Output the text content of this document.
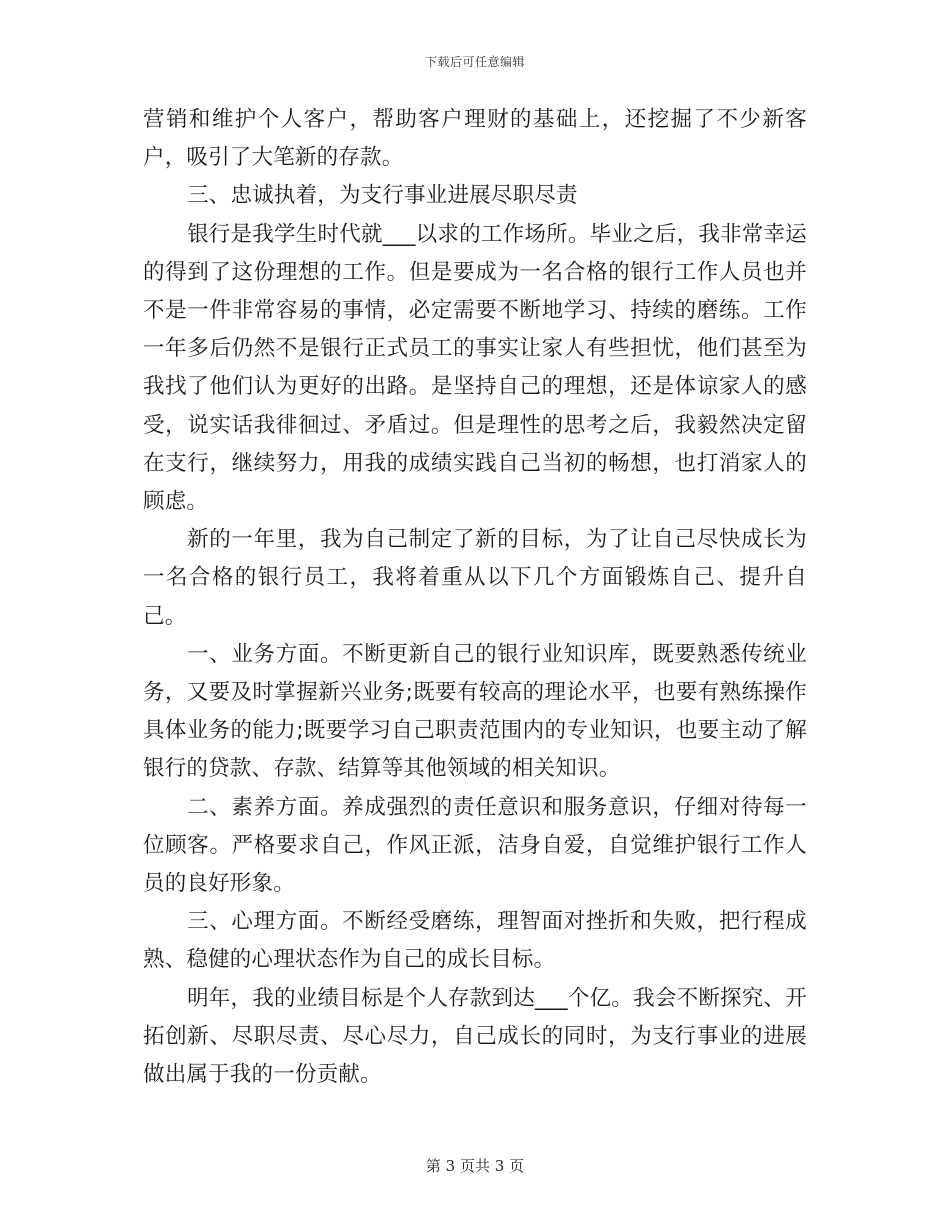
下载后可任意编辑

营销和维护个人客户，帮助客户理财的基础上，还挖掘了不少新客户，吸引了大笔新的存款。

三、忠诚执着，为支行事业进展尽职尽责

银行是我学生时代就___以求的工作场所。毕业之后，我非常幸运的得到了这份理想的工作。但是要成为一名合格的银行工作人员也并不是一件非常容易的事情，必定需要不断地学习、持续的磨练。工作一年多后仍然不是银行正式员工的事实让家人有些担忧，他们甚至为我找了他们认为更好的出路。是坚持自己的理想，还是体谅家人的感受，说实话我徘徊过、矛盾过。但是理性的思考之后，我毅然决定留在支行，继续努力，用我的成绩实践自己当初的畅想，也打消家人的顾虑。

新的一年里，我为自己制定了新的目标，为了让自己尽快成长为一名合格的银行员工，我将着重从以下几个方面锻炼自己、提升自己。

一、业务方面。不断更新自己的银行业知识库，既要熟悉传统业务，又要及时掌握新兴业务;既要有较高的理论水平，也要有熟练操作具体业务的能力;既要学习自己职责范围内的专业知识，也要主动了解银行的贷款、存款、结算等其他领域的相关知识。

二、素养方面。养成强烈的责任意识和服务意识，仔细对待每一位顾客。严格要求自己，作风正派，洁身自爱，自觉维护银行工作人员的良好形象。

三、心理方面。不断经受磨练，理智面对挫折和失败，把行程成熟、稳健的心理状态作为自己的成长目标。

明年，我的业绩目标是个人存款到达___个亿。我会不断探究、开拓创新、尽职尽责、尽心尽力，自己成长的同时，为支行事业的进展做出属于我的一份贡献。

第 3 页共 3 页
